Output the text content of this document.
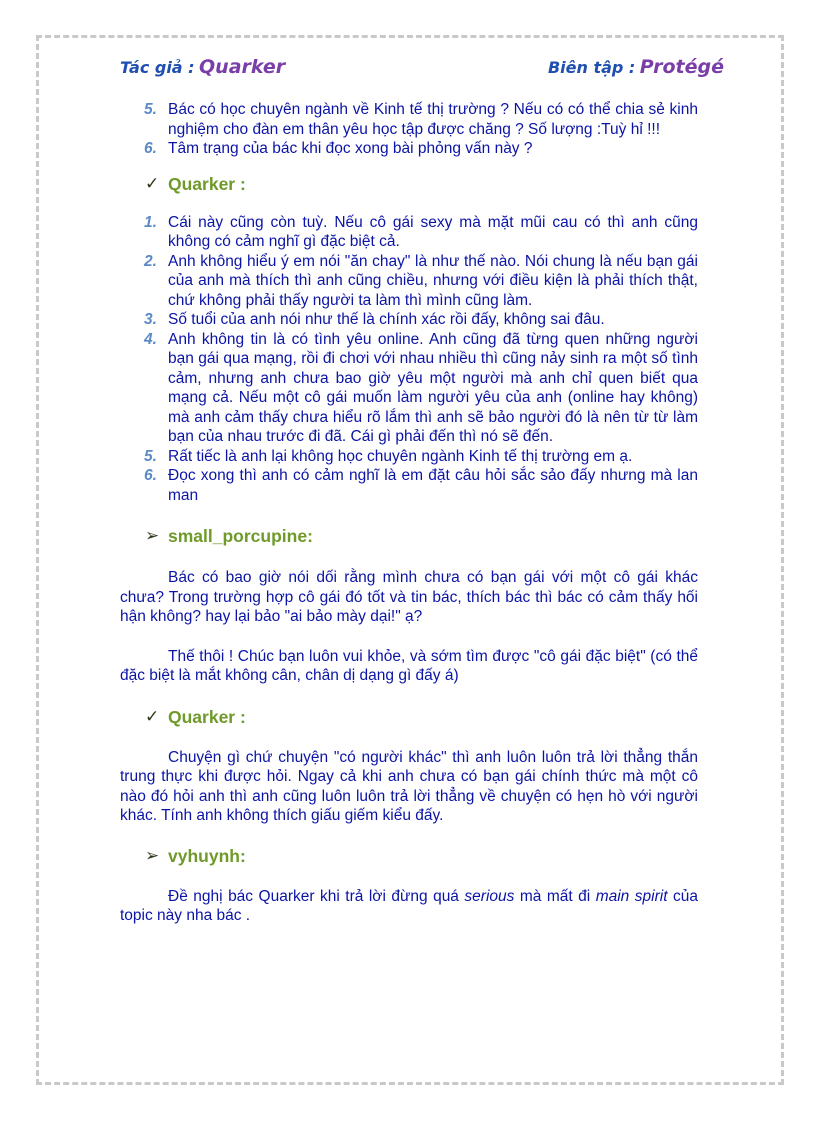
Tác giả : Quarker	Biên tập : Protégé
5. Bác có học chuyên ngành về Kinh tế thị trường ? Nếu có có thể chia sẻ kinh nghiệm cho đàn em thân yêu học tập được chăng ? Số lượng :Tuỳ hỉ !!!
6. Tâm trạng của bác khi đọc xong bài phỏng vấn này ?
✓ Quarker :
1. Cái này cũng còn tuỳ. Nếu cô gái sexy mà mặt mũi cau có thì anh cũng không có cảm nghĩ gì đặc biệt cả.
2. Anh không hiểu ý em nói "ăn chay" là như thế nào. Nói chung là nếu bạn gái của anh mà thích thì anh cũng chiều, nhưng với điều kiện là phải thích thật, chứ không phải thấy người ta làm thì mình cũng làm.
3. Số tuổi của anh nói như thế là chính xác rồi đấy, không sai đâu.
4. Anh không tin là có tình yêu online. Anh cũng đã từng quen những người bạn gái qua mạng, rồi đi chơi với nhau nhiều thì cũng nảy sinh ra một số tình cảm, nhưng anh chưa bao giờ yêu một người mà anh chỉ quen biết qua mạng cả. Nếu một cô gái muốn làm người yêu của anh (online hay không) mà anh cảm thấy chưa hiểu rõ lắm thì anh sẽ bảo người đó là nên từ từ làm bạn của nhau trước đi đã. Cái gì phải đến thì nó sẽ đến.
5. Rất tiếc là anh lại không học chuyên ngành Kinh tế thị trường em ạ.
6. Đọc xong thì anh có cảm nghĩ là em đặt câu hỏi sắc sảo đấy nhưng mà lan man
➢ small_porcupine:

Bác có bao giờ nói dối rằng mình chưa có bạn gái với một cô gái khác chưa? Trong trường hợp cô gái đó tốt và tin bác, thích bác thì bác có cảm thấy hối hận không? hay lại bảo "ai bảo mày dại!" ạ?

Thế thôi ! Chúc bạn luôn vui khỏe, và sớm tìm được "cô gái đặc biệt" (có thể đặc biệt là mắt không cân, chân dị dạng gì đấy á)

✓ Quarker :

Chuyện gì chứ chuyện "có người khác" thì anh luôn luôn trả lời thẳng thắn trung thực khi được hỏi. Ngay cả khi anh chưa có bạn gái chính thức mà một cô nào đó hỏi anh thì anh cũng luôn luôn trả lời thẳng về chuyện có hẹn hò với người khác. Tính anh không thích giấu giếm kiểu đấy.

➢ vyhuynh:

Đề nghị bác Quarker khi trả lời đừng quá serious mà mất đi main spirit của topic này nha bác .
